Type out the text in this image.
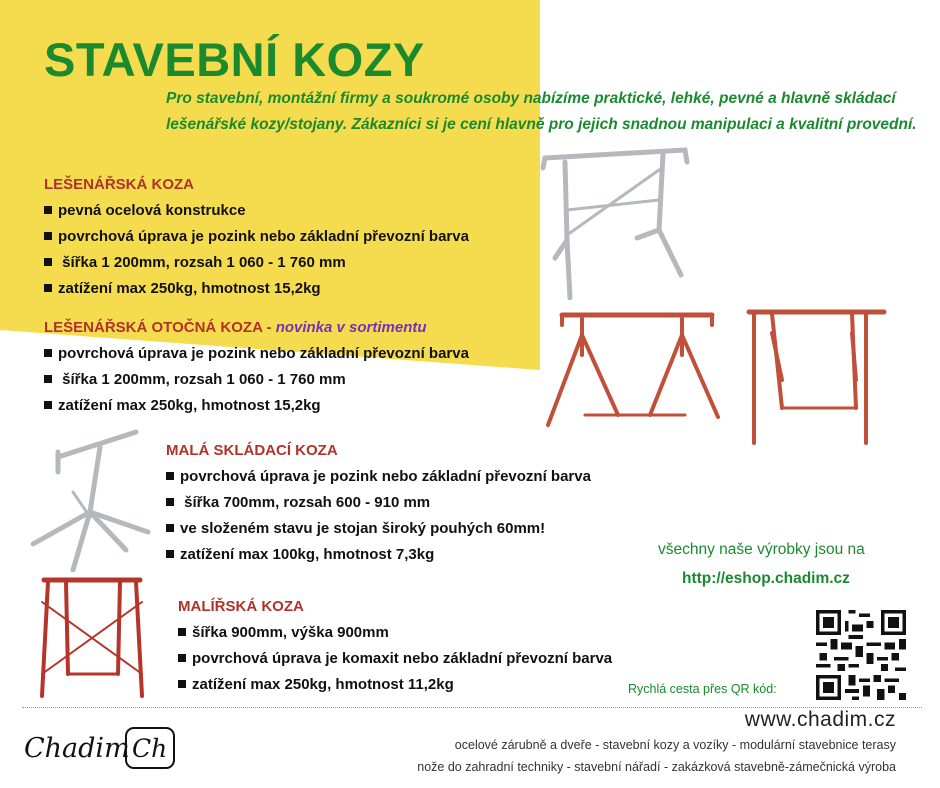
STAVEBNÍ KOZY
Pro stavební, montážní firmy a soukromé osoby nabízíme praktické, lehké, pevné a hlavně skládací lešenářské kozy/stojany. Zákazníci si je cení hlavně pro jejich snadnou manipulaci a kvalitní provední.
LEŠENÁŘSKÁ KOZA
pevná ocelová konstrukce
povrchová úprava je pozink nebo základní převozní barva
šířka 1 200mm, rozsah 1 060 - 1 760 mm
zatížení max 250kg, hmotnost 15,2kg
LEŠENÁŘSKÁ OTOČNÁ KOZA - novinka v sortimentu
povrchová úprava je pozink nebo základní převozní barva
šířka 1 200mm, rozsah 1 060 - 1 760 mm
zatížení max 250kg, hmotnost 15,2kg
MALÁ SKLÁDACÍ KOZA
povrchová úprava je pozink nebo základní převozní barva
šířka 700mm, rozsah 600 - 910 mm
ve složeném stavu je stojan široký pouhých 60mm!
zatížení max 100kg, hmotnost 7,3kg
MALÍŘSKÁ KOZA
šířka 900mm, výška 900mm
povrchová úprava je komaxit nebo základní převozní barva
zatížení max 250kg, hmotnost 11,2kg
všechny naše výrobky jsou na
http://eshop.chadim.cz
Rychlá cesta přes QR kód:
Chadim Ch
www.chadim.cz
ocelové zárubně a dveře - stavební kozy a vozíky - modulární stavebnice terasy
nože do zahradní techniky - stavební nářadí - zakázková stavebně-zámečnická výroba
